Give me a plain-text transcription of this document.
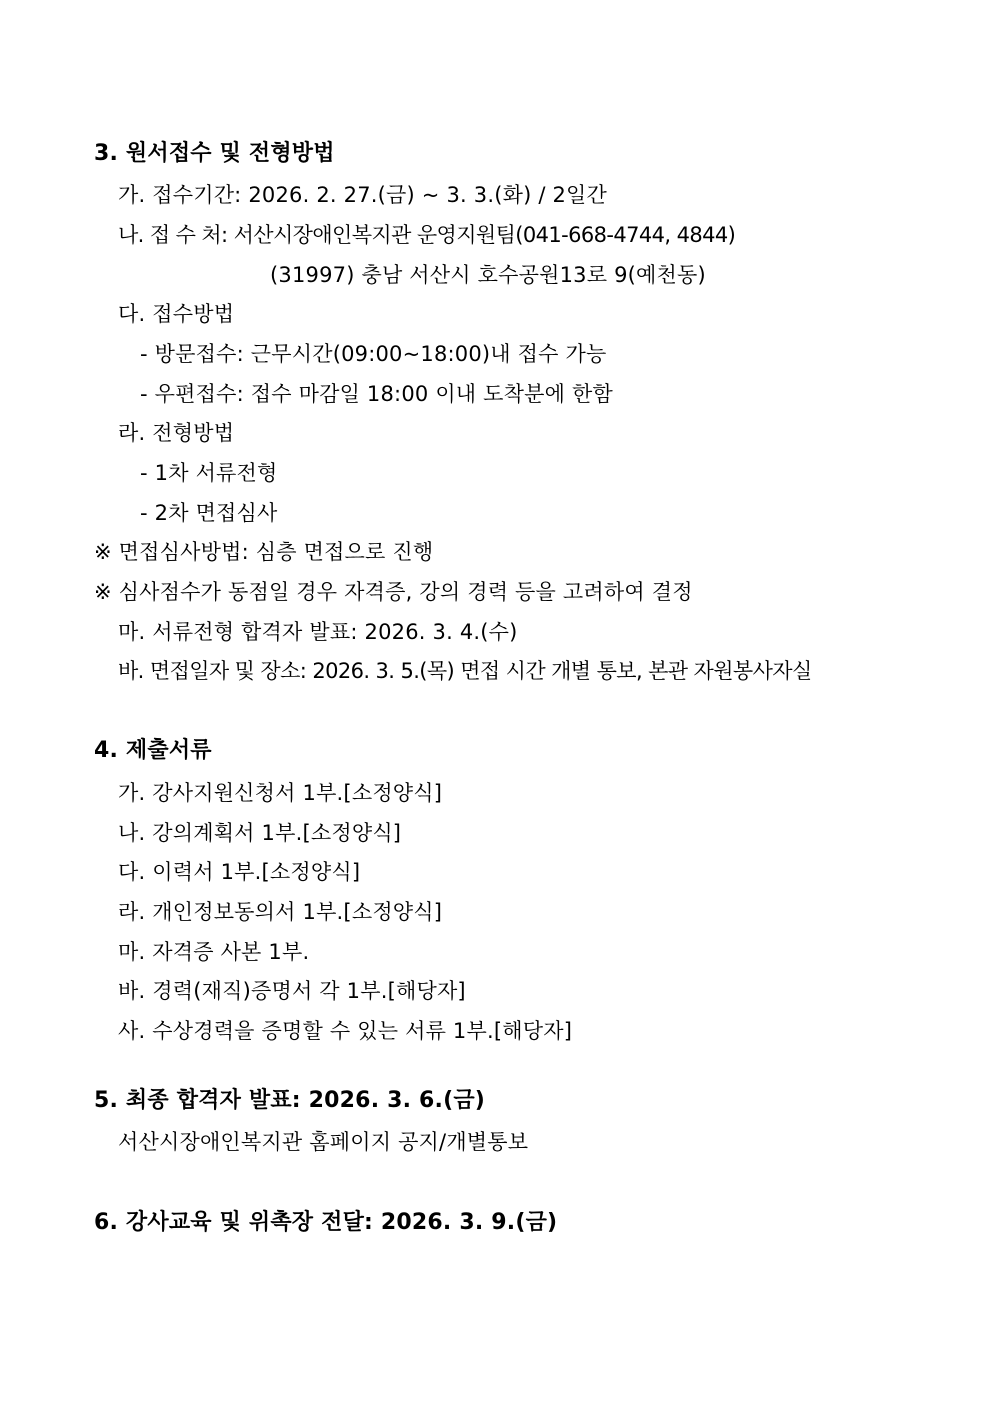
3. 원서접수 및 전형방법
가. 접수기간: 2026. 2. 27.(금) ~ 3. 3.(화) / 2일간
나. 접 수 처: 서산시장애인복지관 운영지원팀(041-668-4744, 4844)
(31997) 충남 서산시 호수공원13로 9(예천동)
다. 접수방법
- 방문접수: 근무시간(09:00~18:00)내 접수 가능
- 우편접수: 접수 마감일 18:00 이내 도착분에 한함
라. 전형방법
- 1차 서류전형
- 2차 면접심사
※ 면접심사방법: 심층 면접으로 진행
※ 심사점수가 동점일 경우 자격증, 강의 경력 등을 고려하여 결정
마. 서류전형 합격자 발표: 2026. 3. 4.(수)
바. 면접일자 및 장소: 2026. 3. 5.(목) 면접 시간 개별 통보, 본관 자원봉사자실
4. 제출서류
가. 강사지원신청서 1부.[소정양식]
나. 강의계획서 1부.[소정양식]
다. 이력서 1부.[소정양식]
라. 개인정보동의서 1부.[소정양식]
마. 자격증 사본 1부.
바. 경력(재직)증명서 각 1부.[해당자]
사. 수상경력을 증명할 수 있는 서류 1부.[해당자]
5. 최종 합격자 발표: 2026. 3. 6.(금)
서산시장애인복지관 홈페이지 공지/개별통보
6. 강사교육 및 위촉장 전달: 2026. 3. 9.(금)
